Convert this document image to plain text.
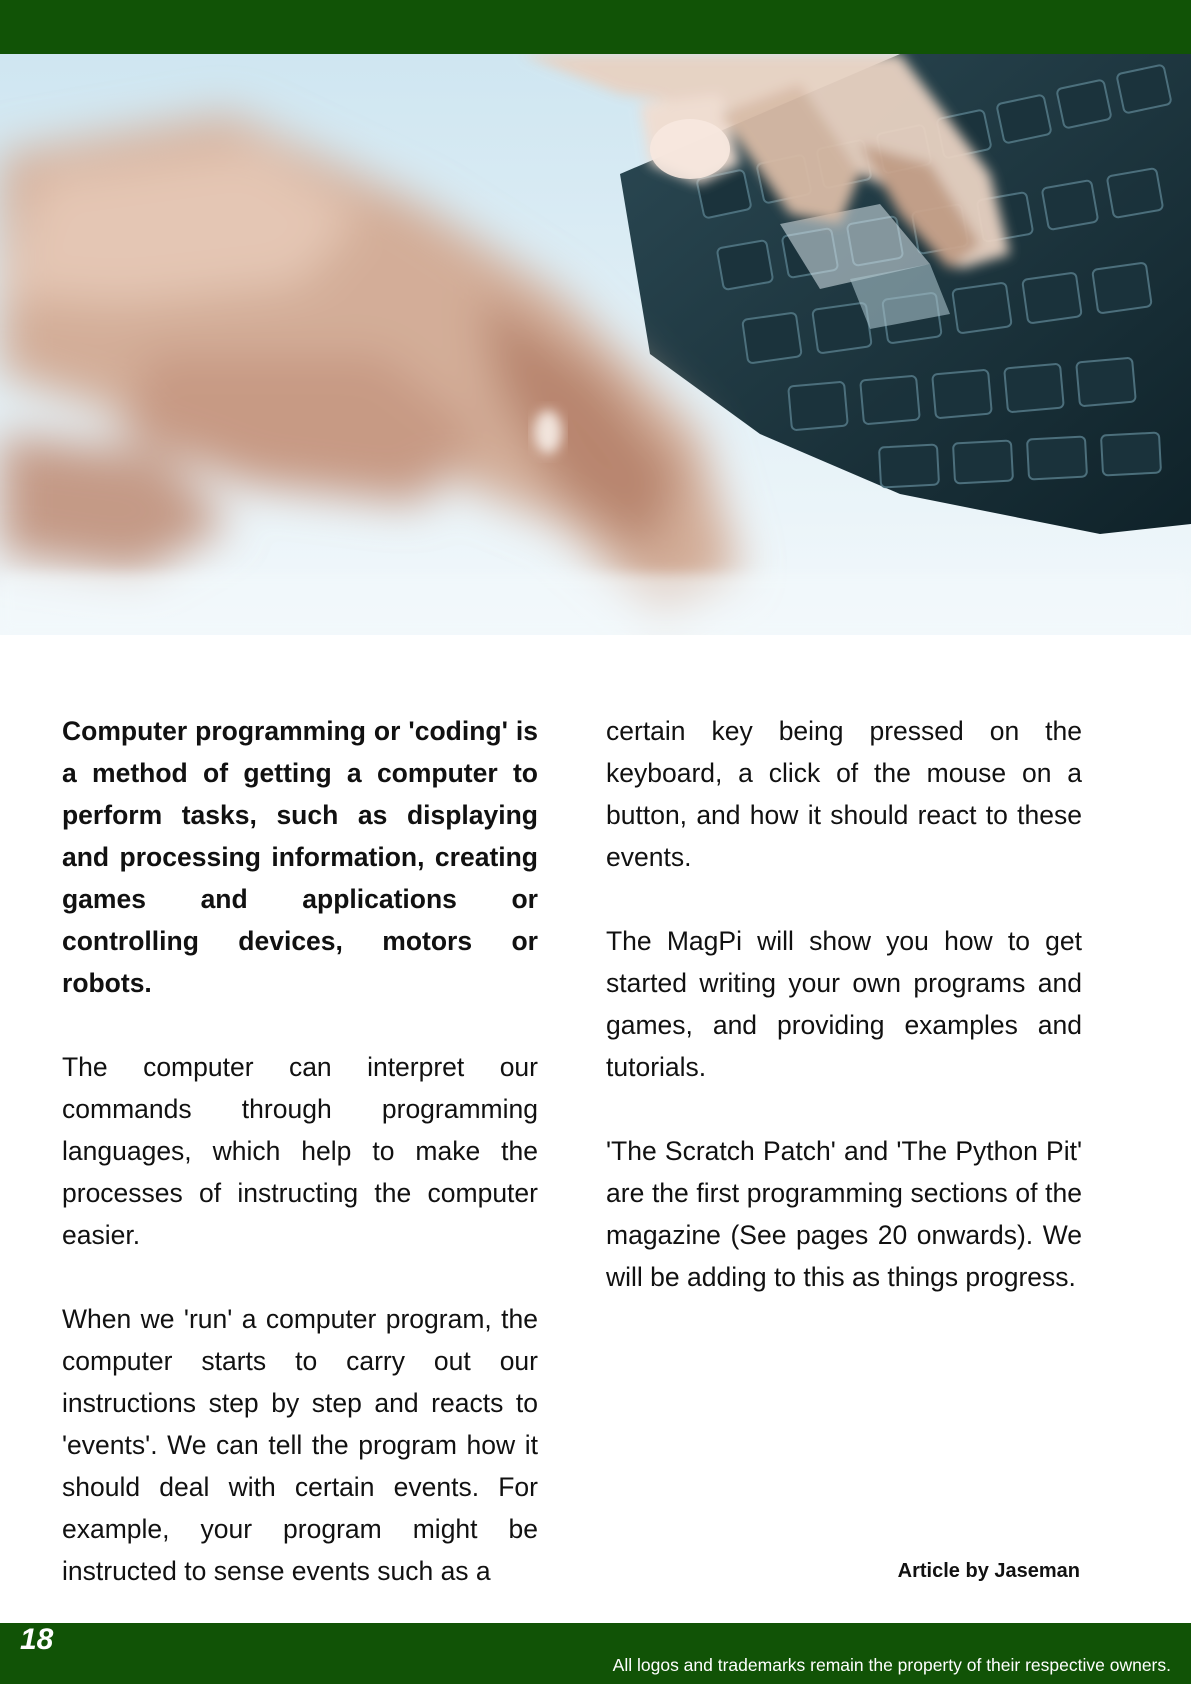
Computer programming or 'coding' is a method of getting a computer to perform tasks, such as displaying and processing information, creating games and applications or controlling devices, motors or robots.

The computer can interpret our commands through programming languages, which help to make the processes of instructing the computer easier.

When we 'run' a computer program, the computer starts to carry out our instructions step by step and reacts to 'events'. We can tell the program how it should deal with certain events. For example, your program might be instructed to sense events such as a

certain key being pressed on the keyboard, a click of the mouse on a button, and how it should react to these events.

The MagPi will show you how to get started writing your own programs and games, and providing examples and tutorials.

'The Scratch Patch' and 'The Python Pit' are the first programming sections of the magazine (See pages 20 onwards). We will be adding to this as things progress.

Article by Jaseman
18
All logos and trademarks remain the property of their respective owners.
